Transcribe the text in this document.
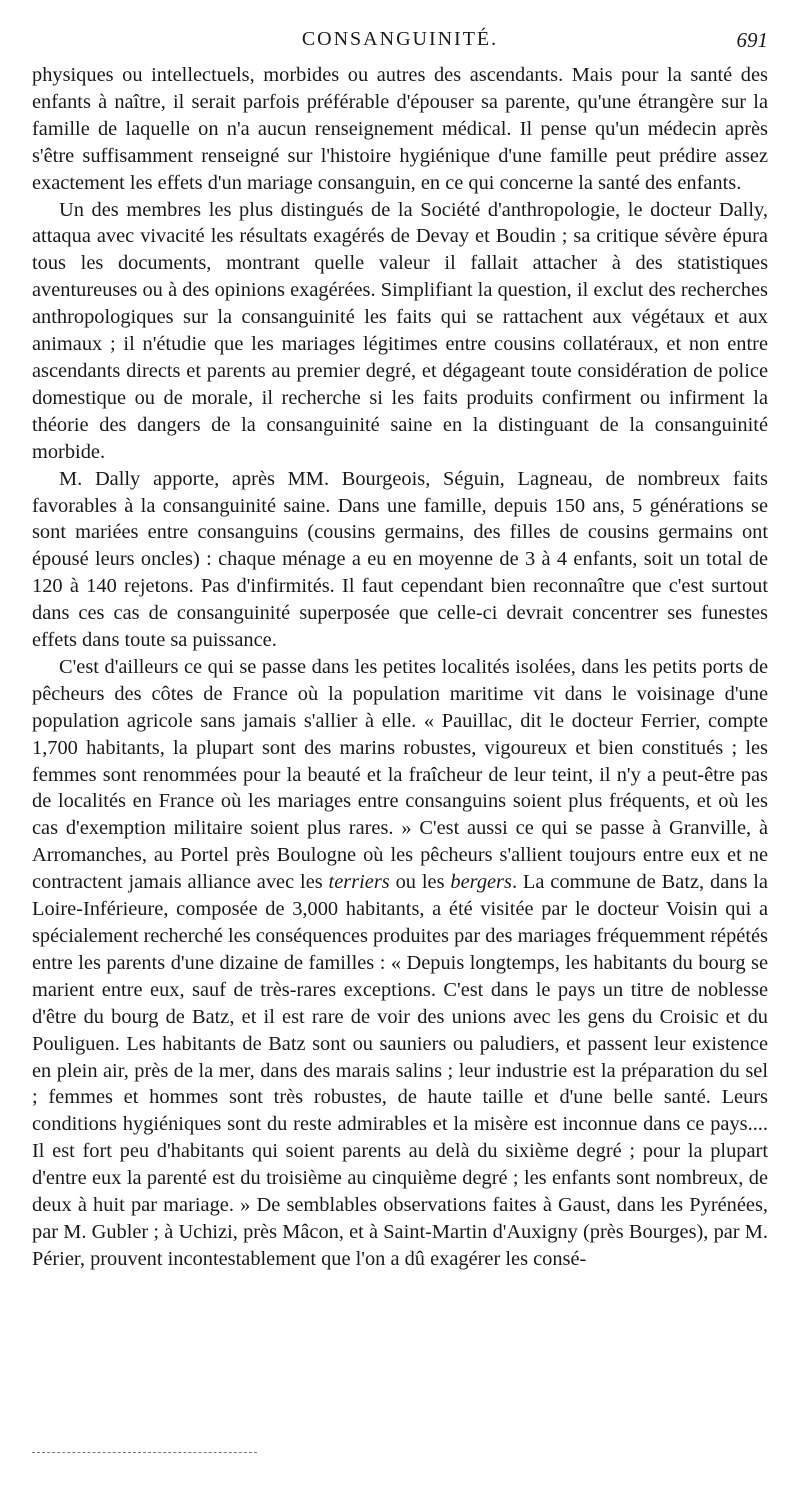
CONSANGUINITÉ.	691

physiques ou intellectuels, morbides ou autres des ascendants. Mais pour la santé des enfants à naître, il serait parfois préférable d'épouser sa parente, qu'une étrangère sur la famille de laquelle on n'a aucun renseignement médical. Il pense qu'un médecin après s'être suffisamment renseigné sur l'histoire hygiénique d'une famille peut prédire assez exactement les effets d'un mariage consanguin, en ce qui concerne la santé des enfants.

Un des membres les plus distingués de la Société d'anthropologie, le docteur Dally, attaqua avec vivacité les résultats exagérés de Devay et Boudin ; sa critique sévère épura tous les documents, montrant quelle valeur il fallait attacher à des statistiques aventureuses ou à des opinions exagérées. Simplifiant la question, il exclut des recherches anthropologiques sur la consanguinité les faits qui se rattachent aux végétaux et aux animaux ; il n'étudie que les mariages légitimes entre cousins collatéraux, et non entre ascendants directs et parents au premier degré, et dégageant toute considération de police domestique ou de morale, il recherche si les faits produits confirment ou infirment la théorie des dangers de la consanguinité saine en la distinguant de la consanguinité morbide.

M. Dally apporte, après MM. Bourgeois, Séguin, Lagneau, de nombreux faits favorables à la consanguinité saine. Dans une famille, depuis 150 ans, 5 générations se sont mariées entre consanguins (cousins germains, des filles de cousins germains ont épousé leurs oncles) : chaque ménage a eu en moyenne de 3 à 4 enfants, soit un total de 120 à 140 rejetons. Pas d'infirmités. Il faut cependant bien reconnaître que c'est surtout dans ces cas de consanguinité superposée que celle-ci devrait concentrer ses funestes effets dans toute sa puissance.

C'est d'ailleurs ce qui se passe dans les petites localités isolées, dans les petits ports de pêcheurs des côtes de France où la population maritime vit dans le voisinage d'une population agricole sans jamais s'allier à elle. « Pauillac, dit le docteur Ferrier, compte 1,700 habitants, la plupart sont des marins robustes, vigoureux et bien constitués ; les femmes sont renommées pour la beauté et la fraîcheur de leur teint, il n'y a peut-être pas de localités en France où les mariages entre consanguins soient plus fréquents, et où les cas d'exemption militaire soient plus rares. » C'est aussi ce qui se passe à Granville, à Arromanches, au Portel près Boulogne où les pêcheurs s'allient toujours entre eux et ne contractent jamais alliance avec les terriers ou les bergers. La commune de Batz, dans la Loire-Inférieure, composée de 3,000 habitants, a été visitée par le docteur Voisin qui a spécialement recherché les conséquences produites par des mariages fréquemment répétés entre les parents d'une dizaine de familles : « Depuis longtemps, les habitants du bourg se marient entre eux, sauf de très-rares exceptions. C'est dans le pays un titre de noblesse d'être du bourg de Batz, et il est rare de voir des unions avec les gens du Croisic et du Pouliguen. Les habitants de Batz sont ou sauniers ou paludiers, et passent leur existence en plein air, près de la mer, dans des marais salins ; leur industrie est la préparation du sel ; femmes et hommes sont très robustes, de haute taille et d'une belle santé. Leurs conditions hygiéniques sont du reste admirables et la misère est inconnue dans ce pays.... Il est fort peu d'habitants qui soient parents au delà du sixième degré ; pour la plupart d'entre eux la parenté est du troisième au cinquième degré ; les enfants sont nombreux, de deux à huit par mariage. » De semblables observations faites à Gaust, dans les Pyrénées, par M. Gubler ; à Uchizi, près Mâcon, et à Saint-Martin d'Auxigny (près Bourges), par M. Périer, prouvent incontestablement que l'on a dû exagérer les consé-
